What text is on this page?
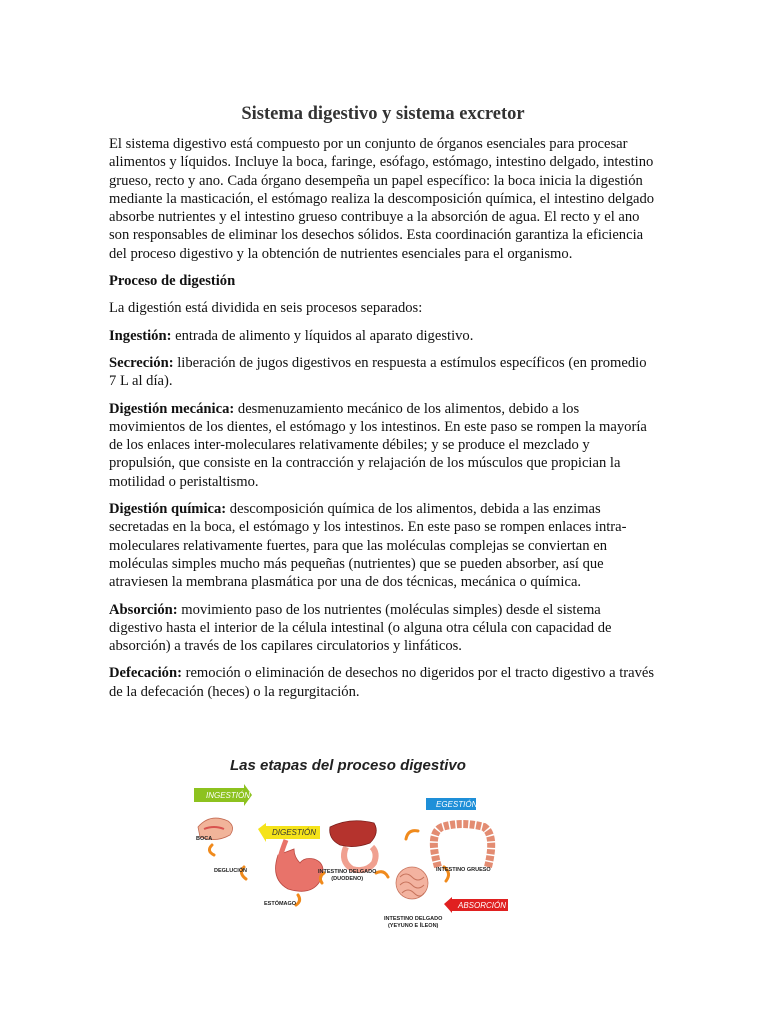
Sistema digestivo y sistema excretor

El sistema digestivo está compuesto por un conjunto de órganos esenciales para procesar alimentos y líquidos. Incluye la boca, faringe, esófago, estómago, intestino delgado, intestino grueso, recto y ano. Cada órgano desempeña un papel específico: la boca inicia la digestión mediante la masticación, el estómago realiza la descomposición química, el intestino delgado absorbe nutrientes y el intestino grueso contribuye a la absorción de agua. El recto y el ano son responsables de eliminar los desechos sólidos. Esta coordinación garantiza la eficiencia del proceso digestivo y la obtención de nutrientes esenciales para el organismo.

Proceso de digestión

La digestión está dividida en seis procesos separados:

Ingestión: entrada de alimento y líquidos al aparato digestivo.

Secreción: liberación de jugos digestivos en respuesta a estímulos específicos (en promedio 7 L al día).

Digestión mecánica: desmenuzamiento mecánico de los alimentos, debido a los movimientos de los dientes, el estómago y los intestinos. En este paso se rompen la mayoría de los enlaces inter-moleculares relativamente débiles; y se produce el mezclado y propulsión, que consiste en la contracción y relajación de los músculos que propician la motilidad o peristaltismo.

Digestión química: descomposición química de los alimentos, debida a las enzimas secretadas en la boca, el estómago y los intestinos. En este paso se rompen enlaces intra-moleculares relativamente fuertes, para que las moléculas complejas se conviertan en moléculas simples mucho más pequeñas (nutrientes) que se pueden absorber, así que atraviesen la membrana plasmática por una de dos técnicas, mecánica o química.

Absorción: movimiento paso de los nutrientes (moléculas simples) desde el sistema digestivo hasta el interior de la célula intestinal (o alguna otra célula con capacidad de absorción) a través de los capilares circulatorios y linfáticos.

Defecación: remoción o eliminación de desechos no digeridos por el tracto digestivo a través de la defecación (heces) o la regurgitación.

Las etapas del proceso digestivo
INGESTIÓN
DIGESTIÓN
EGESTIÓN
ABSORCIÓN
BOCA
DEGLUCIÓN
ESTÓMAGO
INTESTINO DELGADO
(DUODENO)
INTESTINO GRUESO
INTESTINO DELGADO
(YEYUNO E ÍLEON)
